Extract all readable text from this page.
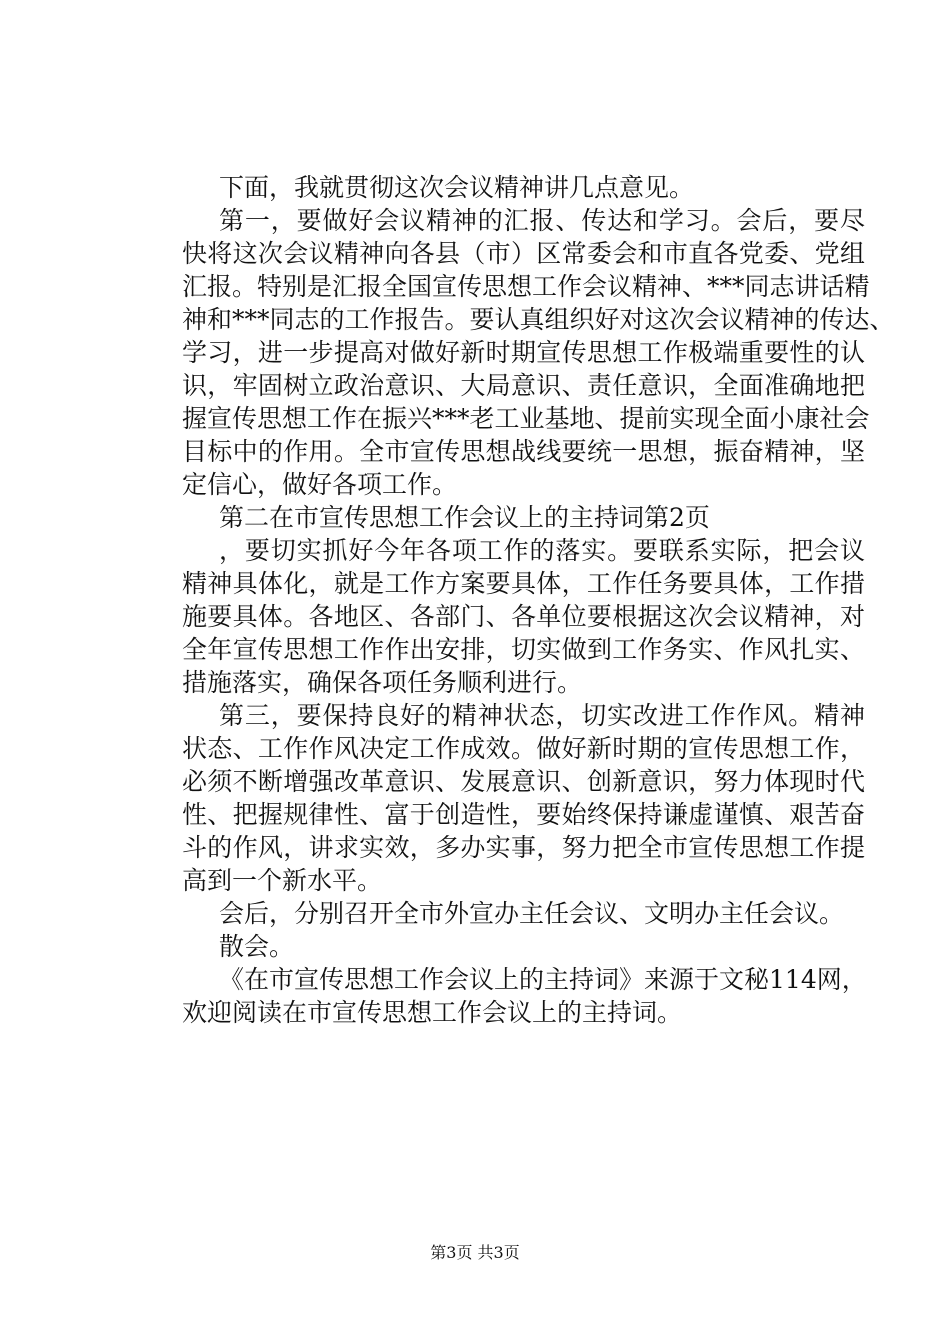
下面，我就贯彻这次会议精神讲几点意见。
第一，要做好会议精神的汇报、传达和学习。会后，要尽
快将这次会议精神向各县（市）区常委会和市直各党委、党组
汇报。特别是汇报全国宣传思想工作会议精神、***同志讲话精
神和***同志的工作报告。要认真组织好对这次会议精神的传达、
学习，进一步提高对做好新时期宣传思想工作极端重要性的认
识，牢固树立政治意识、大局意识、责任意识，全面准确地把
握宣传思想工作在振兴***老工业基地、提前实现全面小康社会
目标中的作用。全市宣传思想战线要统一思想，振奋精神，坚
定信心，做好各项工作。
第二在市宣传思想工作会议上的主持词第2页
，要切实抓好今年各项工作的落实。要联系实际，把会议
精神具体化，就是工作方案要具体，工作任务要具体，工作措
施要具体。各地区、各部门、各单位要根据这次会议精神，对
全年宣传思想工作作出安排，切实做到工作务实、作风扎实、
措施落实，确保各项任务顺利进行。
第三，要保持良好的精神状态，切实改进工作作风。精神
状态、工作作风决定工作成效。做好新时期的宣传思想工作，
必须不断增强改革意识、发展意识、创新意识，努力体现时代
性、把握规律性、富于创造性，要始终保持谦虚谨慎、艰苦奋
斗的作风，讲求实效，多办实事，努力把全市宣传思想工作提
高到一个新水平。
会后，分别召开全市外宣办主任会议、文明办主任会议。
散会。
《在市宣传思想工作会议上的主持词》来源于文秘114网，
欢迎阅读在市宣传思想工作会议上的主持词。
第3页 共3页
